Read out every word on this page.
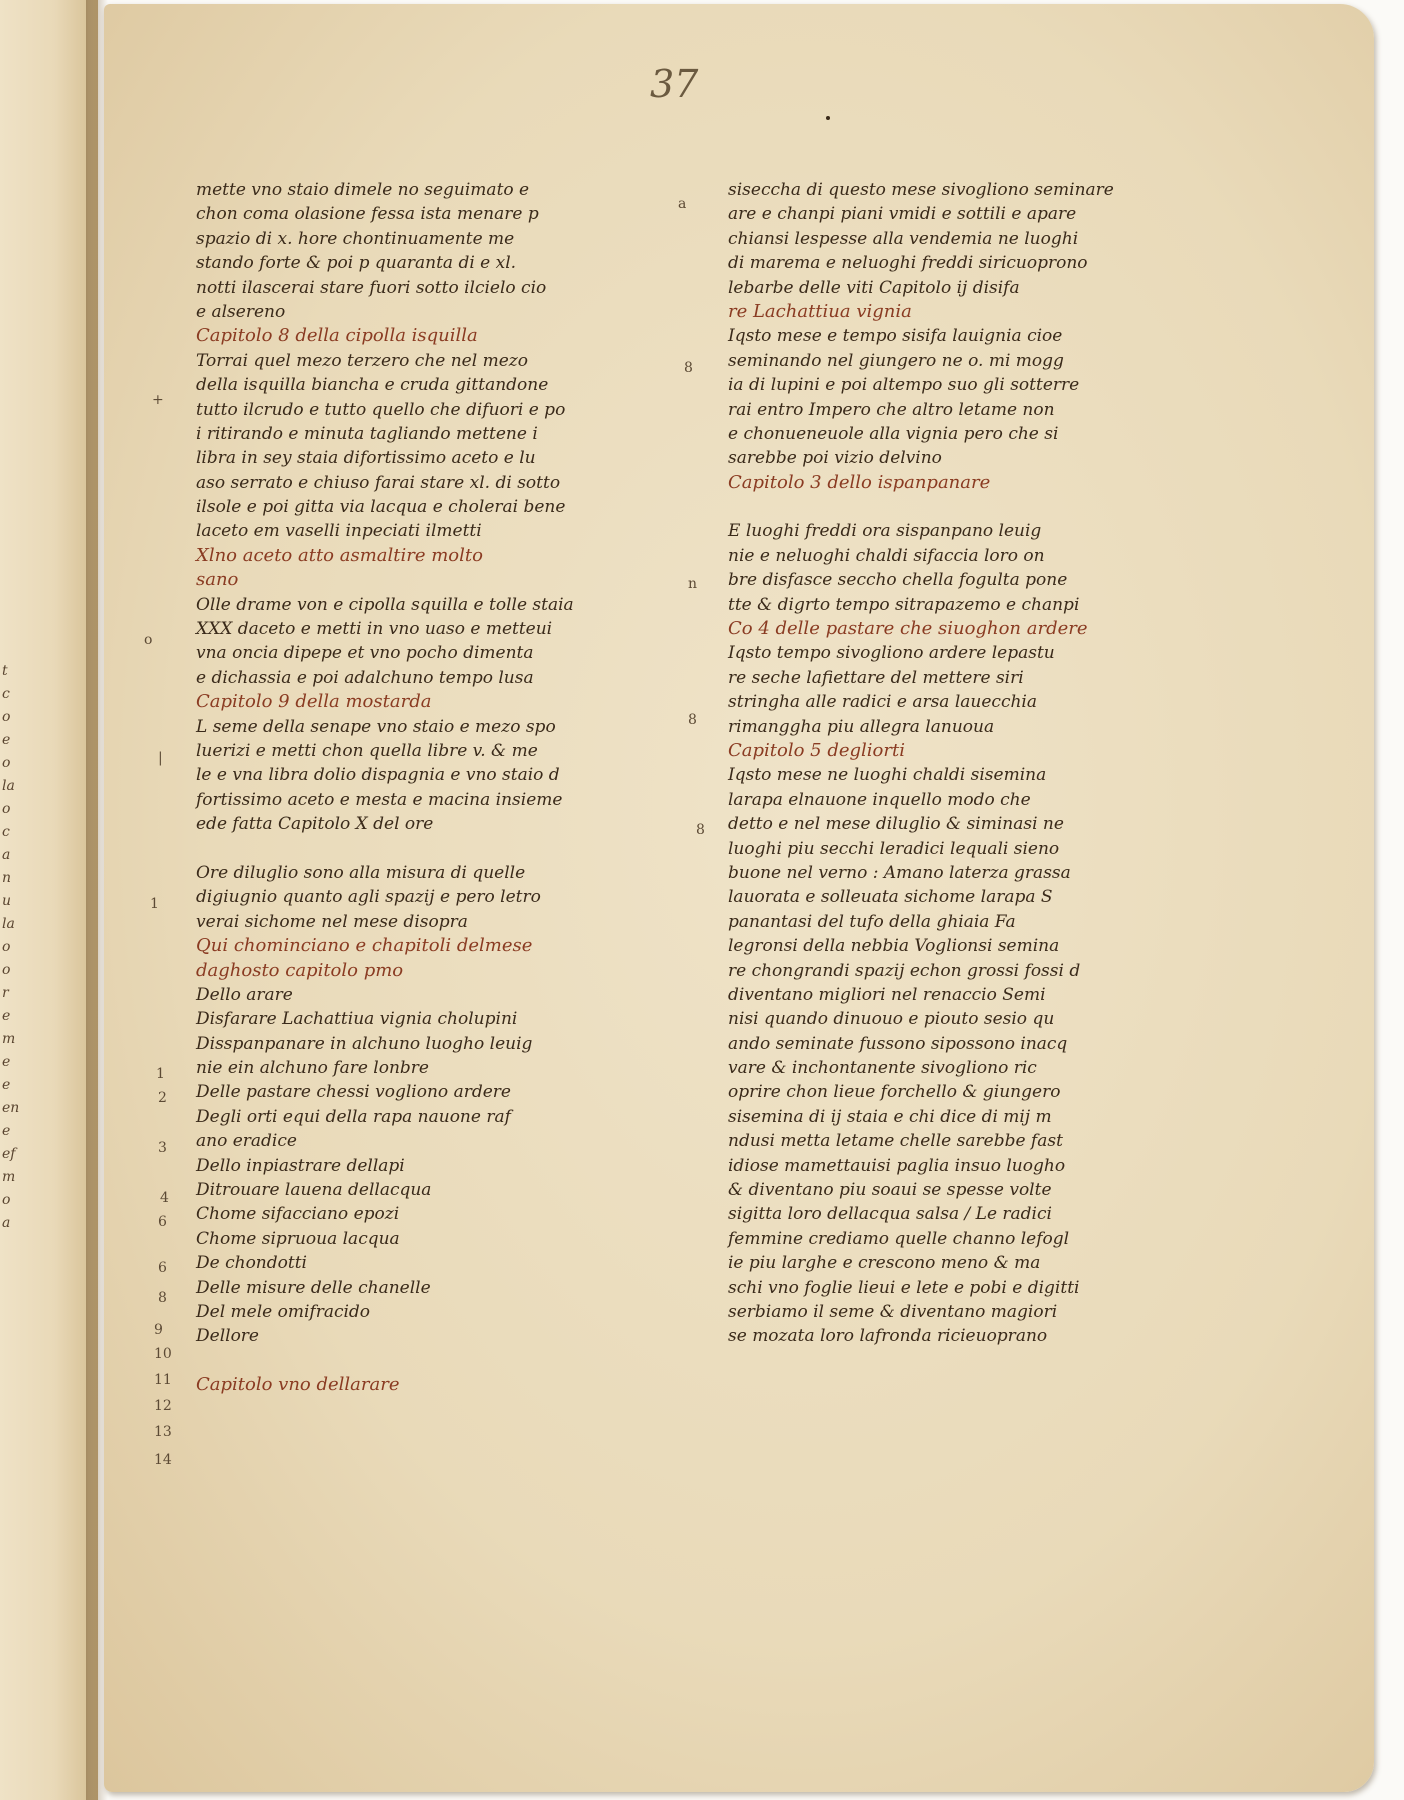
t
c
o
e
o
la
o
c
a
n
u
la
o
o
r
e
m
e
e
en
e
ef
m
o
a
37
mette vno staio dimele no seguimato e
chon coma olasione fessa ista menare p
spazio di x. hore chontinuamente me
stando forte & poi p quaranta di e xl.
notti ilascerai stare fuori sotto ilcielo cio
e alsereno
Capitolo 8 della cipolla isquilla
Torrai quel mezo terzero che nel mezo
della isquilla biancha e cruda gittandone
tutto ilcrudo e tutto quello che difuori e po
i ritirando e minuta tagliando mettene i
libra in sey staia difortissimo aceto e lu
aso serrato e chiuso farai stare xl. di sotto
ilsole e poi gitta via lacqua e cholerai bene
laceto em vaselli inpeciati ilmetti
Xlno aceto atto asmaltire molto
sano
Olle drame von e cipolla squilla e tolle staia
XXX daceto e metti in vno uaso e metteui
vna oncia dipepe et vno pocho dimenta
e dichassia e poi adalchuno tempo lusa
Capitolo 9 della mostarda
L seme della senape vno staio e mezo spo
luerizi e metti chon quella libre v. & me
le e vna libra dolio dispagnia e vno staio d
fortissimo aceto e mesta e macina insieme
ede fatta Capitolo X del ore
Ore diluglio sono alla misura di quelle
digiugnio quanto agli spazij e pero letro
verai sichome nel mese disopra
Qui chominciano e chapitoli delmese
daghosto capitolo pmo
Dello arare
Disfarare Lachattiua vignia cholupini
Disspanpanare in alchuno luogho leuig
nie ein alchuno fare lonbre
Delle pastare chessi vogliono ardere
Degli orti equi della rapa nauone raf
ano eradice
Dello inpiastrare dellapi
Ditrouare lauena dellacqua
Chome sifacciano epozi
Chome sipruoua lacqua
De chondotti
Delle misure delle chanelle
Del mele omifracido
Dellore
Capitolo vno dellarare
siseccha di questo mese sivogliono seminare
are e chanpi piani vmidi e sottili e apare
chiansi lespesse alla vendemia ne luoghi
di marema e neluoghi freddi siricuoprono
lebarbe delle viti Capitolo ij disifa
re Lachattiua vignia
Iqsto mese e tempo sisifa lauignia cioe
seminando nel giungero ne o. mi mogg
ia di lupini e poi altempo suo gli sotterre
rai entro Impero che altro letame non
e chonueneuole alla vignia pero che si
sarebbe poi vizio delvino
Capitolo 3 dello ispanpanare
E luoghi freddi ora sispanpano leuig
nie e neluoghi chaldi sifaccia loro on
bre disfasce seccho chella fogulta pone
tte & digrto tempo sitrapazemo e chanpi
Co 4 delle pastare che siuoghon ardere
Iqsto tempo sivogliono ardere lepastu
re seche lafiettare del mettere siri
stringha alle radici e arsa lauecchia
rimanggha piu allegra lanuoua
Capitolo 5 degliorti
Iqsto mese ne luoghi chaldi sisemina
larapa elnauone inquello modo che
detto e nel mese diluglio & siminasi ne
luoghi piu secchi leradici lequali sieno
buone nel verno : Amano laterza grassa
lauorata e solleuata sichome larapa S
panantasi del tufo della ghiaia Fa
legronsi della nebbia Voglionsi semina
re chongrandi spazij echon grossi fossi d
diventano migliori nel renaccio Semi
nisi quando dinuouo e piouto sesio qu
ando seminate fussono sipossono inacq
vare & inchontanente sivogliono ric
oprire chon lieue forchello & giungero
sisemina di ij staia e chi dice di mij m
ndusi metta letame chelle sarebbe fast
idiose mamettauisi paglia insuo luogho
& diventano piu soaui se spesse volte
sigitta loro dellacqua salsa / Le radici
femmine crediamo quelle channo lefogl
ie piu larghe e crescono meno & ma
schi vno foglie lieui e lete e pobi e digitti
serbiamo il seme & diventano magiori
se mozata loro lafronda ricieuoprano
+
o
|
1
1
2
3
4
6
6
8
9
10
11
12
13
14
a
8
n
8
8
